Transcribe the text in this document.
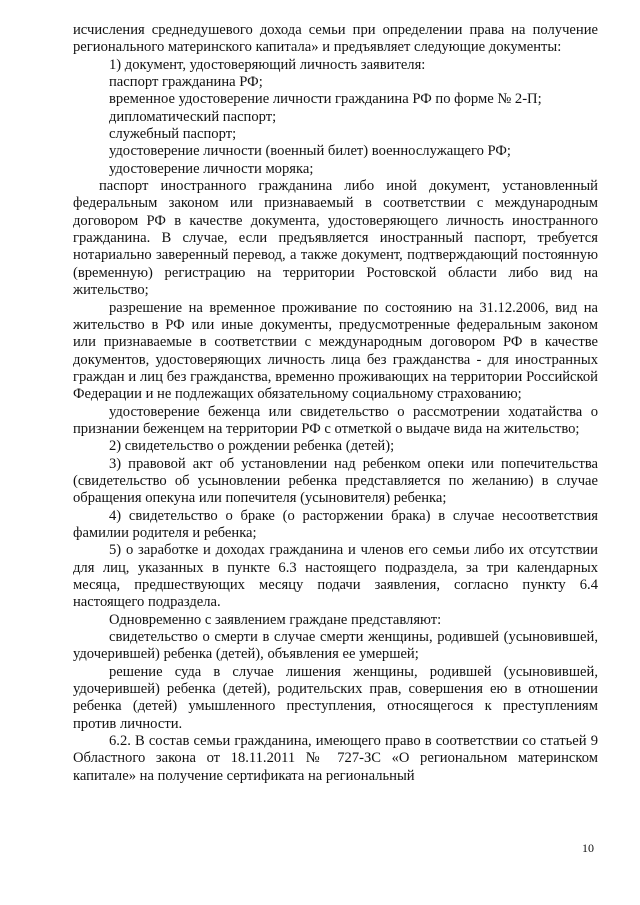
исчисления среднедушевого дохода семьи при определении права на получение регионального материнского капитала» и предъявляет следующие документы:

1) документ, удостоверяющий личность заявителя:

паспорт гражданина РФ;

временное удостоверение личности гражданина РФ по форме № 2-П;

дипломатический паспорт;

служебный паспорт;

удостоверение личности (военный билет) военнослужащего РФ;

удостоверение личности моряка;

паспорт иностранного гражданина либо иной документ, установленный федеральным законом или признаваемый в соответствии с международным договором РФ в качестве документа, удостоверяющего личность иностранного гражданина. В случае, если предъявляется иностранный паспорт, требуется нотариально заверенный перевод, а также документ, подтверждающий постоянную (временную) регистрацию на территории Ростовской области либо вид на жительство;

разрешение на временное проживание по состоянию на 31.12.2006, вид на жительство в РФ или иные документы, предусмотренные федеральным законом или признаваемые в соответствии с международным договором РФ в качестве документов, удостоверяющих личность лица без гражданства - для иностранных граждан и лиц без гражданства, временно проживающих на территории Российской Федерации и не подлежащих обязательному социальному страхованию;

удостоверение беженца или свидетельство о рассмотрении ходатайства о признании беженцем на территории РФ с отметкой о выдаче вида на жительство;

2) свидетельство о рождении ребенка (детей);

3) правовой акт об установлении над ребенком опеки или попечительства (свидетельство об усыновлении ребенка представляется по желанию) в случае обращения опекуна или попечителя (усыновителя) ребенка;

4) свидетельство о браке (о расторжении брака) в случае несоответствия фамилии родителя и ребенка;

5) о заработке и доходах гражданина и членов его семьи либо их отсутствии для лиц, указанных в пункте 6.3 настоящего подраздела, за три календарных месяца, предшествующих месяцу подачи заявления, согласно пункту 6.4 настоящего подраздела.

Одновременно с заявлением граждане представляют:

свидетельство о смерти в случае смерти женщины, родившей (усыновившей, удочерившей) ребенка (детей), объявления ее умершей;

решение суда в случае лишения женщины, родившей (усыновившей, удочерившей) ребенка (детей), родительских прав, совершения ею в отношении ребенка (детей) умышленного преступления, относящегося к преступлениям против личности.

6.2. В состав семьи гражданина, имеющего право в соответствии со статьей 9 Областного закона от 18.11.2011 № 727-ЗС «О региональном материнском капитале» на получение сертификата на региональный

10
